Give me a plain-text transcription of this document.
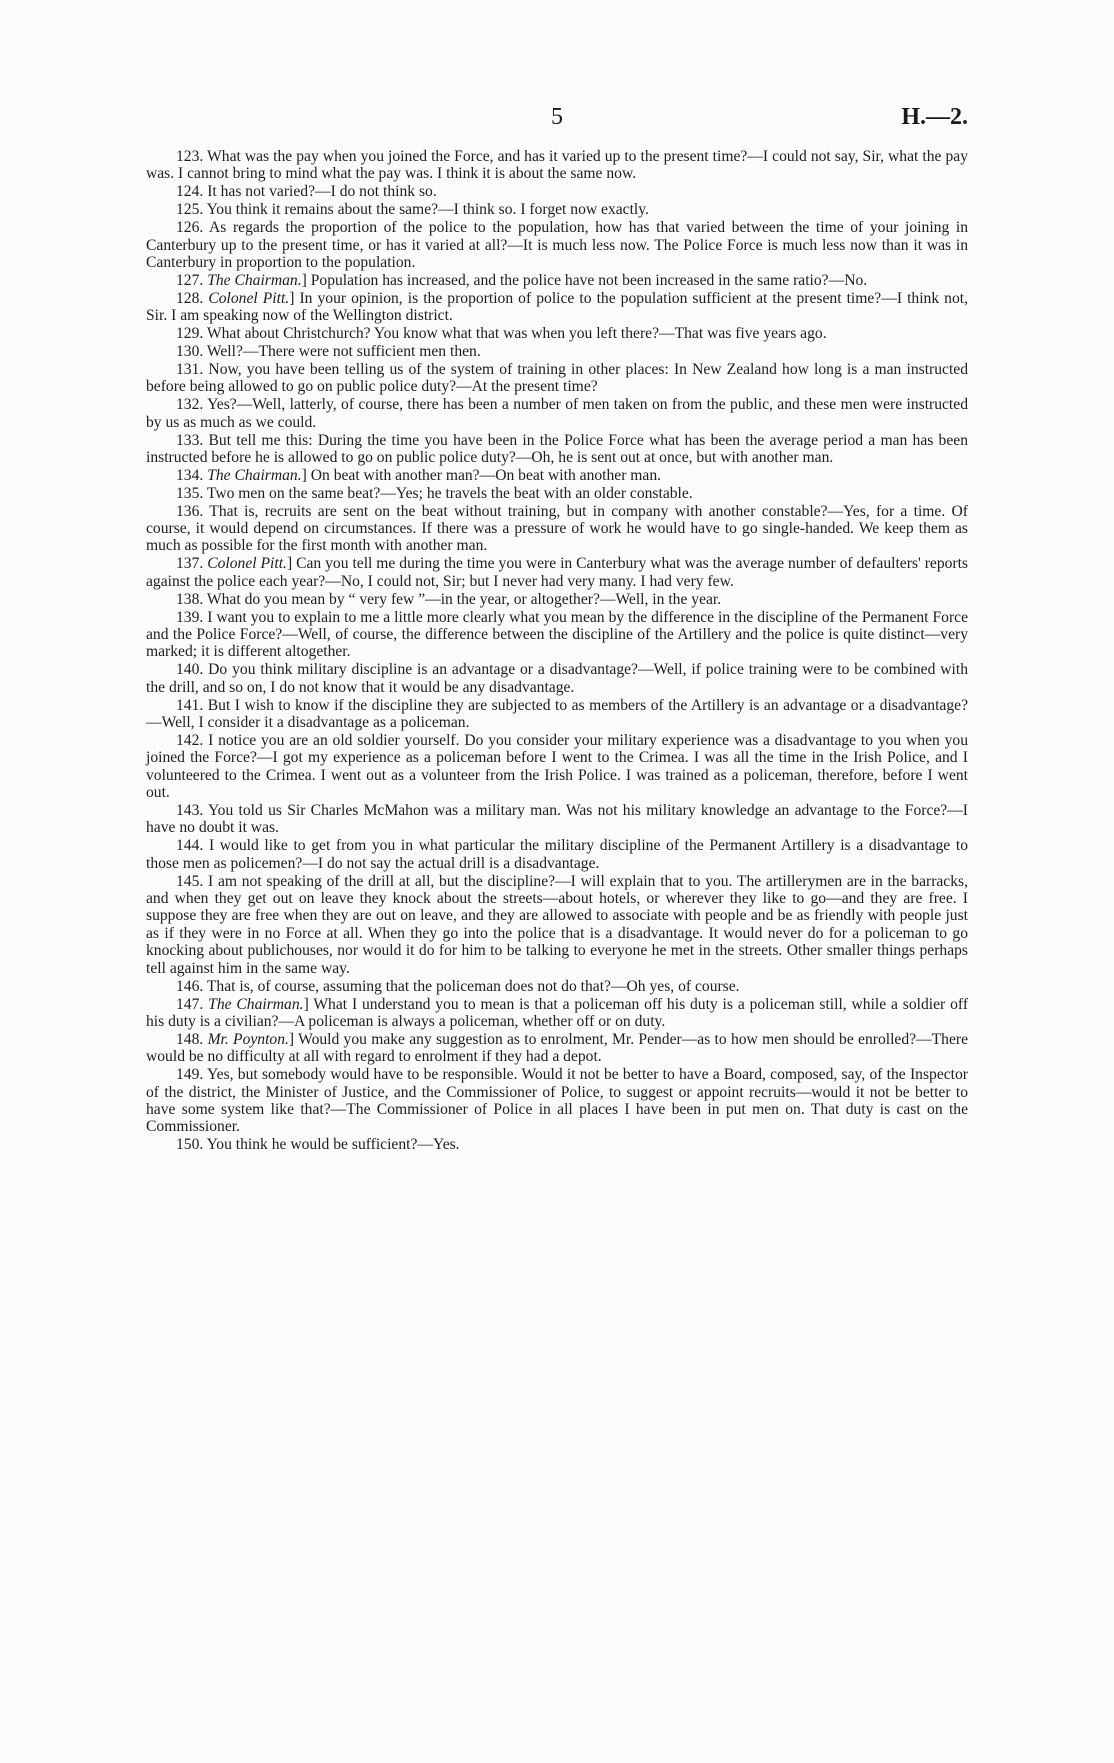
5	H.—2.

123. What was the pay when you joined the Force, and has it varied up to the present time?—I could not say, Sir, what the pay was. I cannot bring to mind what the pay was. I think it is about the same now.

124. It has not varied?—I do not think so.

125. You think it remains about the same?—I think so. I forget now exactly.

126. As regards the proportion of the police to the population, how has that varied between the time of your joining in Canterbury up to the present time, or has it varied at all?—It is much less now. The Police Force is much less now than it was in Canterbury in proportion to the population.

127. The Chairman.] Population has increased, and the police have not been increased in the same ratio?—No.

128. Colonel Pitt.] In your opinion, is the proportion of police to the population sufficient at the present time?—I think not, Sir. I am speaking now of the Wellington district.

129. What about Christchurch? You know what that was when you left there?—That was five years ago.

130. Well?—There were not sufficient men then.

131. Now, you have been telling us of the system of training in other places: In New Zealand how long is a man instructed before being allowed to go on public police duty?—At the present time?

132. Yes?—Well, latterly, of course, there has been a number of men taken on from the public, and these men were instructed by us as much as we could.

133. But tell me this: During the time you have been in the Police Force what has been the average period a man has been instructed before he is allowed to go on public police duty?—Oh, he is sent out at once, but with another man.

134. The Chairman.] On beat with another man?—On beat with another man.

135. Two men on the same beat?—Yes; he travels the beat with an older constable.

136. That is, recruits are sent on the beat without training, but in company with another constable?—Yes, for a time. Of course, it would depend on circumstances. If there was a pressure of work he would have to go single-handed. We keep them as much as possible for the first month with another man.

137. Colonel Pitt.] Can you tell me during the time you were in Canterbury what was the average number of defaulters' reports against the police each year?—No, I could not, Sir; but I never had very many. I had very few.

138. What do you mean by “ very few ”—in the year, or altogether?—Well, in the year.

139. I want you to explain to me a little more clearly what you mean by the difference in the discipline of the Permanent Force and the Police Force?—Well, of course, the difference between the discipline of the Artillery and the police is quite distinct—very marked; it is different altogether.

140. Do you think military discipline is an advantage or a disadvantage?—Well, if police training were to be combined with the drill, and so on, I do not know that it would be any disadvantage.

141. But I wish to know if the discipline they are subjected to as members of the Artillery is an advantage or a disadvantage?—Well, I consider it a disadvantage as a policeman.

142. I notice you are an old soldier yourself. Do you consider your military experience was a disadvantage to you when you joined the Force?—I got my experience as a policeman before I went to the Crimea. I was all the time in the Irish Police, and I volunteered to the Crimea. I went out as a volunteer from the Irish Police. I was trained as a policeman, therefore, before I went out.

143. You told us Sir Charles McMahon was a military man. Was not his military knowledge an advantage to the Force?—I have no doubt it was.

144. I would like to get from you in what particular the military discipline of the Permanent Artillery is a disadvantage to those men as policemen?—I do not say the actual drill is a disadvantage.

145. I am not speaking of the drill at all, but the discipline?—I will explain that to you. The artillerymen are in the barracks, and when they get out on leave they knock about the streets—about hotels, or wherever they like to go—and they are free. I suppose they are free when they are out on leave, and they are allowed to associate with people and be as friendly with people just as if they were in no Force at all. When they go into the police that is a disadvantage. It would never do for a policeman to go knocking about publichouses, nor would it do for him to be talking to everyone he met in the streets. Other smaller things perhaps tell against him in the same way.

146. That is, of course, assuming that the policeman does not do that?—Oh yes, of course.

147. The Chairman.] What I understand you to mean is that a policeman off his duty is a policeman still, while a soldier off his duty is a civilian?—A policeman is always a policeman, whether off or on duty.

148. Mr. Poynton.] Would you make any suggestion as to enrolment, Mr. Pender—as to how men should be enrolled?—There would be no difficulty at all with regard to enrolment if they had a depot.

149. Yes, but somebody would have to be responsible. Would it not be better to have a Board, composed, say, of the Inspector of the district, the Minister of Justice, and the Commissioner of Police, to suggest or appoint recruits—would it not be better to have some system like that?—The Commissioner of Police in all places I have been in put men on. That duty is cast on the Commissioner.

150. You think he would be sufficient?—Yes.
